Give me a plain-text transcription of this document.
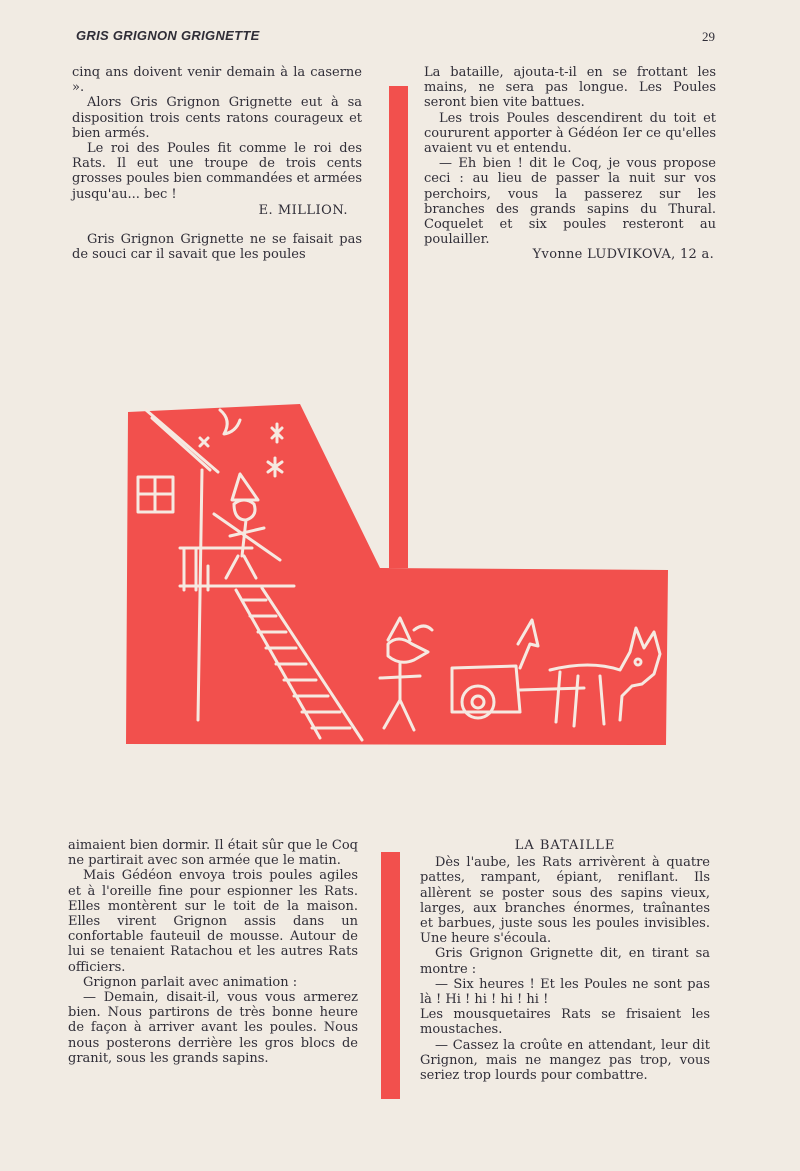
GRIS GRIGNON GRIGNETTE	29

cinq ans doivent venir demain à la caserne ».

Alors Gris Grignon Grignette eut à sa disposition trois cents ratons courageux et bien armés.

Le roi des Poules fit comme le roi des Rats. Il eut une troupe de trois cents grosses poules bien commandées et armées jusqu'au... bec !

E. MILLION.

Gris Grignon Grignette ne se faisait pas de souci car il savait que les poules

La bataille, ajouta-t-il en se frottant les mains, ne sera pas longue. Les Poules seront bien vite battues.

Les trois Poules descendirent du toit et coururent apporter à Gédéon Ier ce qu'elles avaient vu et entendu.

— Eh bien ! dit le Coq, je vous propose ceci : au lieu de passer la nuit sur vos perchoirs, vous la passerez sur les branches des grands sapins du Thural. Coquelet et six poules resteront au poulailler.

Yvonne LUDVIKOVA, 12 a.

aimaient bien dormir. Il était sûr que le Coq ne partirait avec son armée que le matin.

Mais Gédéon envoya trois poules agiles et à l'oreille fine pour espionner les Rats. Elles montèrent sur le toit de la maison. Elles virent Grignon assis dans un confortable fauteuil de mousse. Autour de lui se tenaient Ratachou et les autres Rats officiers.

Grignon parlait avec animation :

— Demain, disait-il, vous vous armerez bien. Nous partirons de très bonne heure de façon à arriver avant les poules. Nous nous posterons derrière les gros blocs de granit, sous les grands sapins.

LA BATAILLE

Dès l'aube, les Rats arrivèrent à quatre pattes, rampant, épiant, reniflant. Ils allèrent se poster sous des sapins vieux, larges, aux branches énormes, traînantes et barbues, juste sous les poules invisibles. Une heure s'écoula.

Gris Grignon Grignette dit, en tirant sa montre :

— Six heures ! Et les Poules ne sont pas là ! Hi ! hi ! hi ! hi !

Les mousquetaires Rats se frisaient les moustaches.

— Cassez la croûte en attendant, leur dit Grignon, mais ne mangez pas trop, vous seriez trop lourds pour combattre.
